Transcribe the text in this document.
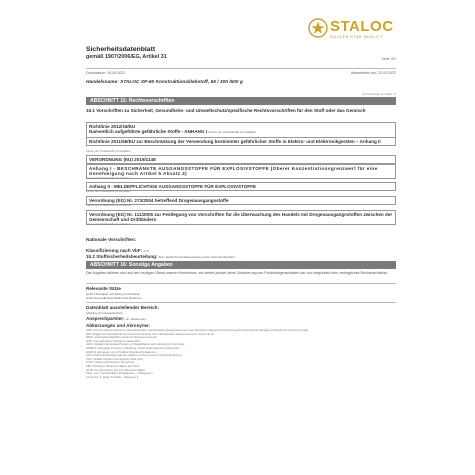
STALOC
GOLDEN STAR QUALITY
Sicherheitsdatenblatt
gemäß 1907/2006/EG, Artikel 31	Seite: 8/9
Druckdatum: 15.06.2022	überarbeitet am: 22.03.2022
Handelsname: STALOC XP-60 Konstruktionsklebstoff, 65 / 300 /500 g
(Fortsetzung von Seite 7)
ABSCHNITT 15: Rechtsvorschriften
15.1 Vorschriften zu Sicherheit, Gesundheits- und Umweltschutz/spezifische Rechtsvorschriften für den Stoff oder das Gemisch
Richtlinie 2012/18/EU
Namentlich aufgeführte gefährliche Stoffe - ANHANG I Keiner der Inhaltsstoffe ist enthalten.
Richtlinie 2011/65/EU zur Beschränkung der Verwendung bestimmter gefährlicher Stoffe in Elektro- und Elektronikgeräten – Anhang II
Keiner der Inhaltsstoffe ist enthalten.
VERORDNUNG (EU) 2019/1148
Anhang I - BESCHRÄNKTE AUSGANGSSTOFFE FÜR EXPLOSIVSTOFFE (Oberer Konzentrationsgrenzwert für eine Genehmigung nach Artikel 5 Absatz 3)
Keiner der Inhaltsstoffe ist enthalten.
Anhang II - MELDEPFLICHTIGE AUSGANGSSTOFFE FÜR EXPLOSIVSTOFFE
Keiner der Inhaltsstoffe ist enthalten.
Verordnung (EG) Nr. 273/2004 betreffend Drogenausgangsstoffe
Keiner der Inhaltsstoffe ist enthalten.
Verordnung (EG) Nr. 111/2005 zur Festlegung von Vorschriften für die Überwachung des Handels mit Drogenausgangsstoffen zwischen der Gemeinschaft und Drittländern
Keiner der Inhaltsstoffe ist enthalten.
Nationale Vorschriften:
Klassifizierung nach VbF: A III
15.2 Stoffsicherheitsbeurteilung: Eine Stoffsicherheitsbeurteilung wurde nicht durchgeführt.
ABSCHNITT 16: Sonstige Angaben
Die Angaben stützen sich auf den heutigen Stand unserer Kenntnisse, sie stellen jedoch keine Zusicherung von Produkteigenschaften dar und begründen kein vertragliches Rechtsverhältnis.
Relevante Sätze
H226 Flüssigkeit und Dampf entzündbar.
H332 Gesundheitsschädlich bei Einatmen.
Datenblatt ausstellender Bereich:
Abteilung Produktsicherheit
Ansprechpartner: Hr. Stankovsky
Abkürzungen und Akronyme:
ADR: Accord relatif au transport international des marchandises dangereuses par route (European Agreement Concerning the International Carriage of Dangerous Goods by Road)
RID: Règlement international concernant le transport des marchandises dangereuses par chemin de fer
IMDG: International Maritime Code for Dangerous Goods
IATA: International Air Transport Association
GHS: Globally Harmonised System of Classification and Labelling of Chemicals
EINECS: European Inventory of Existing Commercial Chemical Substances
ELINCS: European List of Notified Chemical Substances
CAS: Chemical Abstracts Service (division of the American Chemical Society)
VOC: Volatile Organic Compounds (USA, EU)
LC50: Lethal concentration, 50 percent
PBT: Persistent, Bioaccumulative and Toxic
vPvB: very Persistent and very Bioaccumulative
Flam. Liq. 3: Entzündbare Flüssigkeiten – Kategorie 3
Acute Tox. 4: Akute Toxizität – Kategorie 4
